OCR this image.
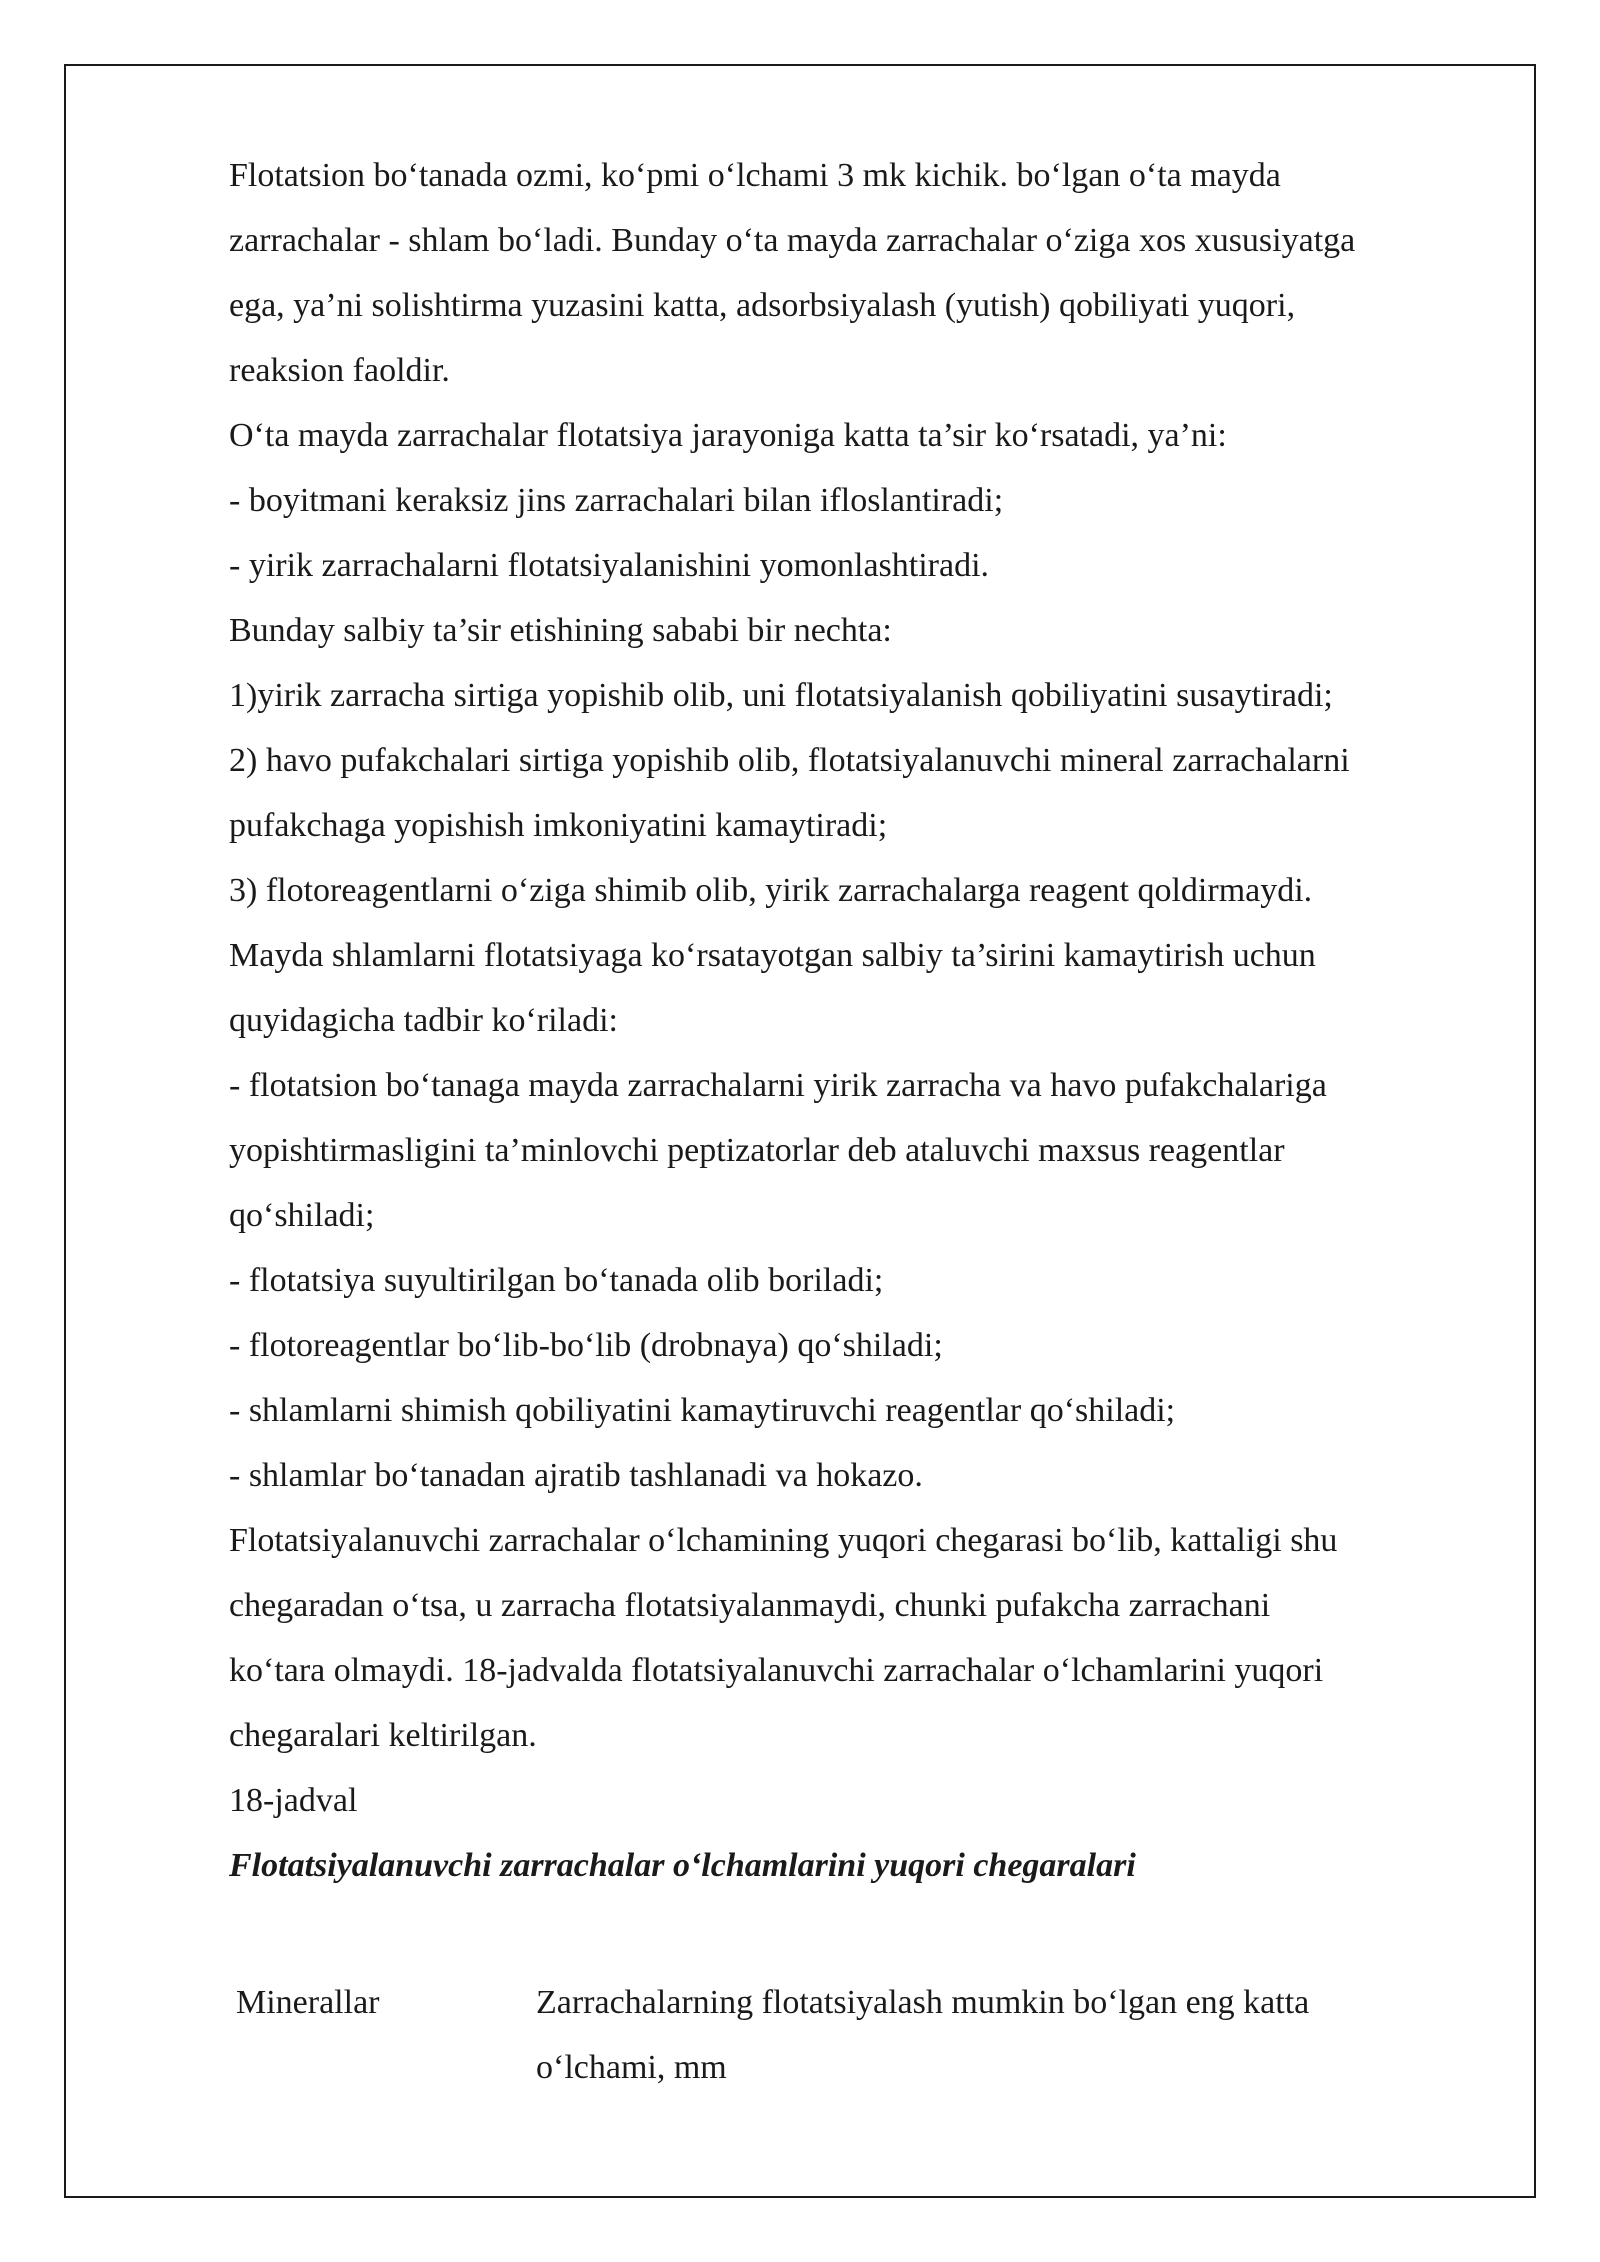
Flotatsion bo‘tanada ozmi, ko‘pmi o‘lchami 3 mk kichik. bo‘lgan o‘ta mayda
zarrachalar - shlam bo‘ladi. Bunday o‘ta mayda zarrachalar o‘ziga xos xususiyatga
ega, ya’ni solishtirma yuzasini katta, adsorbsiyalash (yutish) qobiliyati yuqori,
reaksion faoldir.
O‘ta mayda zarrachalar flotatsiya jarayoniga katta ta’sir ko‘rsatadi, ya’ni:
- boyitmani keraksiz jins zarrachalari bilan ifloslantiradi;
- yirik zarrachalarni flotatsiyalanishini yomonlashtiradi.
Bunday salbiy ta’sir etishining sababi bir nechta:
1)yirik zarracha sirtiga yopishib olib, uni flotatsiyalanish qobiliyatini susaytiradi;
2) havo pufakchalari sirtiga yopishib olib, flotatsiyalanuvchi mineral zarrachalarni
pufakchaga yopishish imkoniyatini kamaytiradi;
3) flotoreagentlarni o‘ziga shimib olib, yirik zarrachalarga reagent qoldirmaydi.
Mayda shlamlarni flotatsiyaga ko‘rsatayotgan salbiy ta’sirini kamaytirish uchun
quyidagicha tadbir ko‘riladi:
- flotatsion bo‘tanaga mayda zarrachalarni yirik zarracha va havo pufakchalariga
yopishtirmasligini ta’minlovchi peptizatorlar deb ataluvchi maxsus reagentlar
qo‘shiladi;
- flotatsiya suyultirilgan bo‘tanada olib boriladi;
- flotoreagentlar bo‘lib-bo‘lib (drobnaya) qo‘shiladi;
- shlamlarni shimish qobiliyatini kamaytiruvchi reagentlar qo‘shiladi;
- shlamlar bo‘tanadan ajratib tashlanadi va hokazo.
Flotatsiyalanuvchi zarrachalar o‘lchamining yuqori chegarasi bo‘lib, kattaligi shu
chegaradan o‘tsa, u zarracha flotatsiyalanmaydi, chunki pufakcha zarrachani
ko‘tara olmaydi. 18-jadvalda flotatsiyalanuvchi zarrachalar o‘lchamlarini yuqori
chegaralari keltirilgan.
18-jadval
Flotatsiyalanuvchi zarrachalar o‘lchamlarini yuqori chegaralari
Minerallar	Zarrachalarning flotatsiyalash mumkin bo‘lgan eng katta
o‘lchami, mm
